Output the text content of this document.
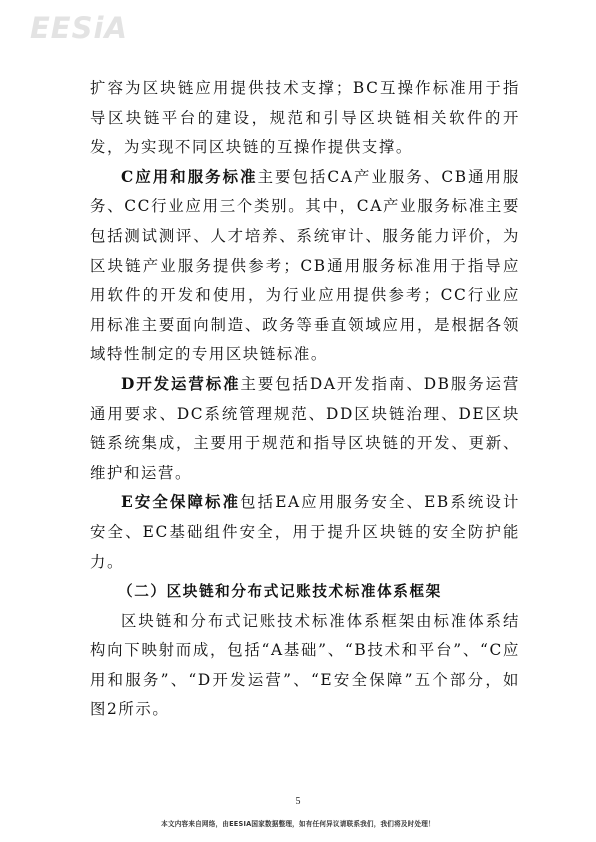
EESiA

扩容为区块链应用提供技术支撑；BC互操作标准用于指导区块链平台的建设，规范和引导区块链相关软件的开发，为实现不同区块链的互操作提供支撑。

C应用和服务标准主要包括CA产业服务、CB通用服务、CC行业应用三个类别。其中，CA产业服务标准主要包括测试测评、人才培养、系统审计、服务能力评价，为区块链产业服务提供参考；CB通用服务标准用于指导应用软件的开发和使用，为行业应用提供参考；CC行业应用标准主要面向制造、政务等垂直领域应用，是根据各领域特性制定的专用区块链标准。

D开发运营标准主要包括DA开发指南、DB服务运营通用要求、DC系统管理规范、DD区块链治理、DE区块链系统集成，主要用于规范和指导区块链的开发、更新、维护和运营。

E安全保障标准包括EA应用服务安全、EB系统设计安全、EC基础组件安全，用于提升区块链的安全防护能力。

（二）区块链和分布式记账技术标准体系框架

区块链和分布式记账技术标准体系框架由标准体系结构向下映射而成，包括“A基础”、“B技术和平台”、“C应用和服务”、“D开发运营”、“E安全保障”五个部分，如图2所示。

5
本文内容来自网络，由EESIA国家数据整理，如有任何异议请联系我们，我们将及时处理！
